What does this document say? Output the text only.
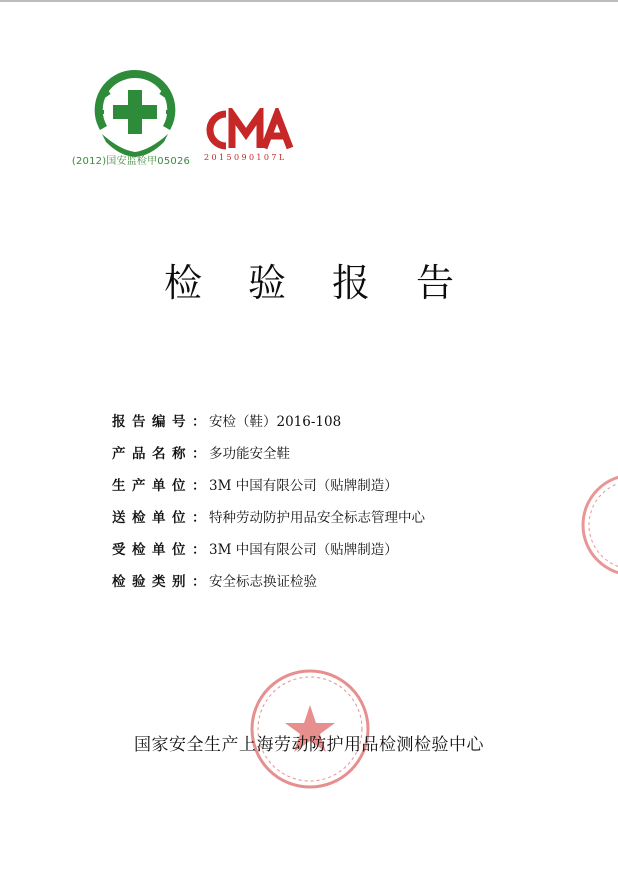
(2012)国安监检甲05026	2015090107L
检验报告
报告编号：
安检（鞋）2016-108
产品名称：
多功能安全鞋
生产单位：
3M 中国有限公司（贴牌制造）
送检单位：
特种劳动防护用品安全标志管理中心
受检单位：
3M 中国有限公司（贴牌制造）
检验类别：
安全标志换证检验
国家安全生产上海劳动防护用品检测检验中心
